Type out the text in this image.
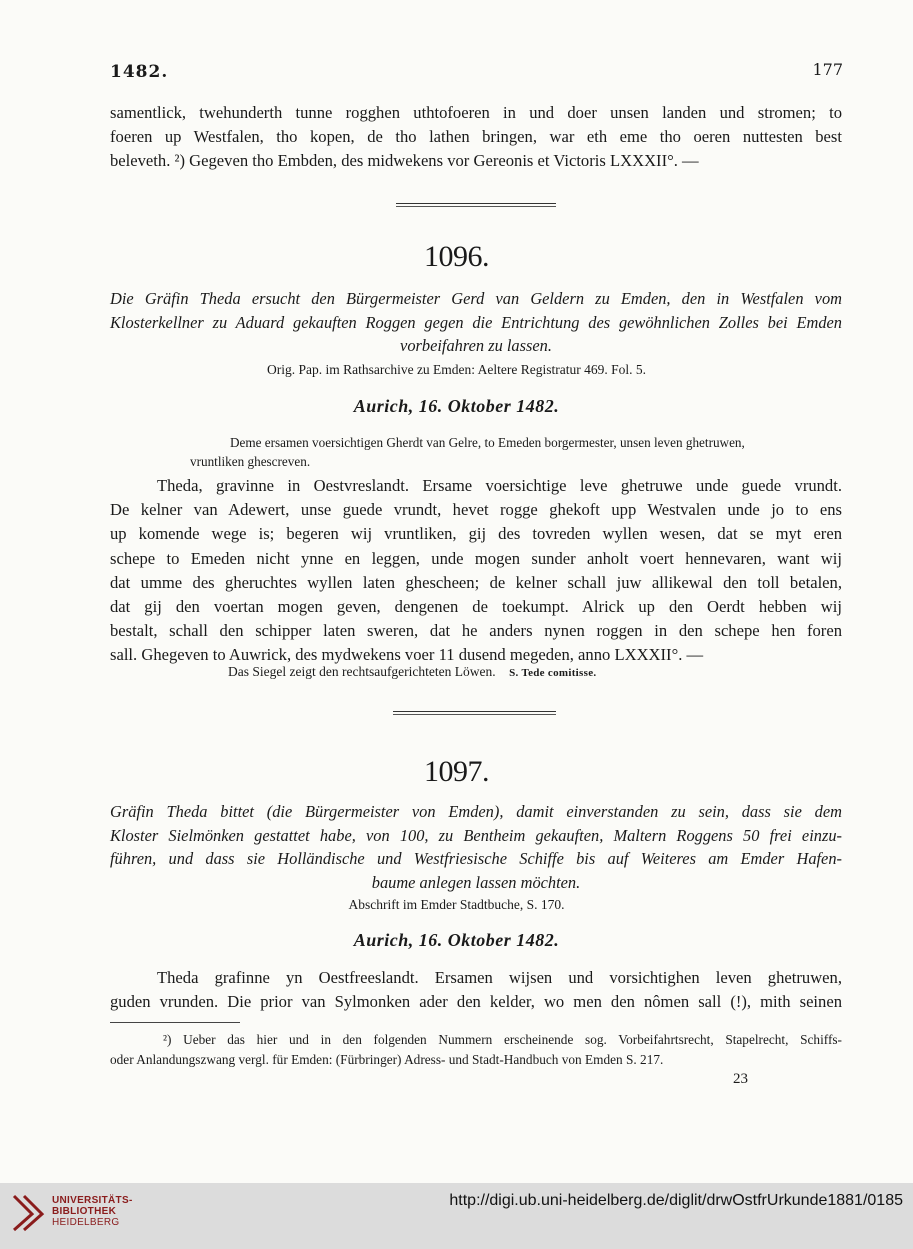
1482.	177
samentlick, twehunderth tunne rogghen uthtofoeren in und doer unsen landen und stromen; to
foeren up Westfalen, tho kopen, de tho lathen bringen, war eth eme tho oeren nuttesten best
beleveth. ²) Gegeven tho Embden, des midwekens vor Gereonis et Victoris LXXXII°. —
1096.
Die Gräfin Theda ersucht den Bürgermeister Gerd van Geldern zu Emden, den in Westfalen vom
Klosterkellner zu Aduard gekauften Roggen gegen die Entrichtung des gewöhnlichen Zolles bei Emden
vorbeifahren zu lassen.
Orig. Pap. im Rathsarchive zu Emden: Aeltere Registratur 469. Fol. 5.
Aurich, 16. Oktober 1482.
Deme ersamen voersichtigen Gherdt van Gelre, to Emeden borgermester, unsen leven ghetruwen,
vruntliken ghescreven.
Theda, gravinne in Oestvreslandt. Ersame voersichtige leve ghetruwe unde guede vrundt.
De kelner van Adewert, unse guede vrundt, hevet rogge ghekoft upp Westvalen unde jo to ens
up komende wege is; begeren wij vruntliken, gij des tovreden wyllen wesen, dat se myt eren
schepe to Emeden nicht ynne en leggen, unde mogen sunder anholt voert hennevaren, want wij
dat umme des gheruchtes wyllen laten ghescheen; de kelner schall juw allikewal den toll betalen,
dat gij den voertan mogen geven, dengenen de toekumpt. Alrick up den Oerdt hebben wij
bestalt, schall den schipper laten sweren, dat he anders nynen roggen in den schepe hen foren
sall. Ghegeven to Auwrick, des mydwekens voer 11 dusend megeden, anno LXXXII°. —
Das Siegel zeigt den rechtsaufgerichteten Löwen. S. Tede comitisse.
1097.
Gräfin Theda bittet (die Bürgermeister von Emden), damit einverstanden zu sein, dass sie dem
Kloster Sielmönken gestattet habe, von 100, zu Bentheim gekauften, Maltern Roggens 50 frei einzu-
führen, und dass sie Holländische und Westfriesische Schiffe bis auf Weiteres am Emder Hafen-
baume anlegen lassen möchten.
Abschrift im Emder Stadtbuche, S. 170.
Aurich, 16. Oktober 1482.
Theda grafinne yn Oestfreeslandt. Ersamen wijsen und vorsichtighen leven ghetruwen,
guden vrunden. Die prior van Sylmonken ader den kelder, wo men den nômen sall (!), mith seinen
²) Ueber das hier und in den folgenden Nummern erscheinende sog. Vorbeifahrtsrecht, Stapelrecht, Schiffs-
oder Anlandungszwang vergl. für Emden: (Fürbringer) Adress- und Stadt-Handbuch von Emden S. 217.
23
UNIVERSITÄTS-
BIBLIOTHEK
HEIDELBERG
http://digi.ub.uni-heidelberg.de/diglit/drwOstfrUrkunde1881/0185
